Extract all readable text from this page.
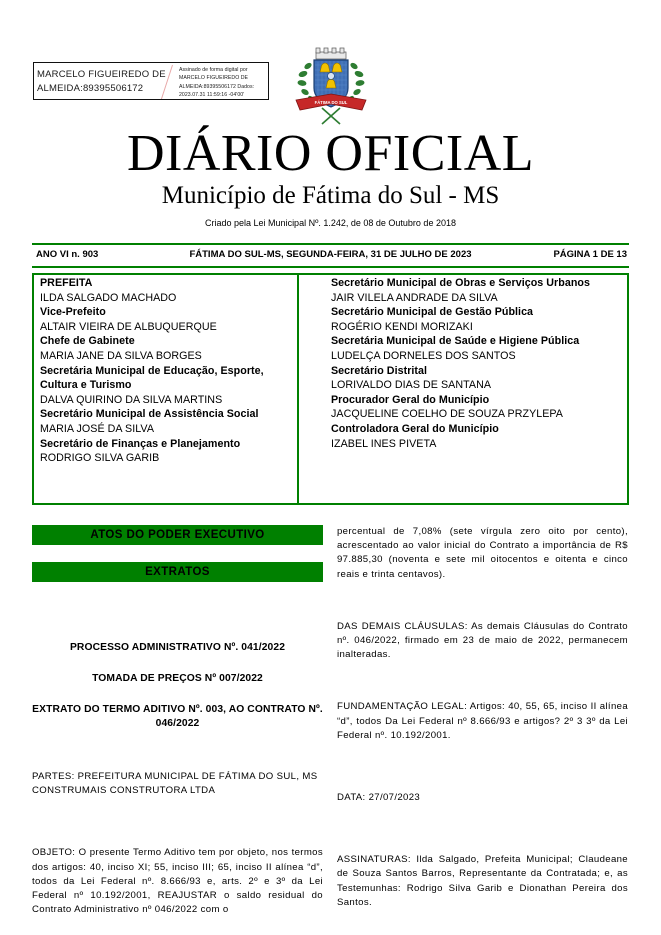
MARCELO FIGUEIREDO DE
ALMEIDA:89395506172
Assinado de forma digital por MARCELO FIGUEIREDO DE ALMEIDA:89395506172 Dados: 2023.07.31 11:59:16 -04'00'
FÁTIMA DO SUL
DIÁRIO OFICIAL
Município de Fátima do Sul - MS
Criado pela Lei Municipal Nº. 1.242, de 08 de Outubro de 2018
FÁTIMA DO SUL-MS, SEGUNDA-FEIRA, 31 DE JULHO DE 2023
ANO VI n. 903	PÁGINA 1 DE 13
PREFEITA
ILDA SALGADO MACHADO
Vice-Prefeito
ALTAIR VIEIRA DE ALBUQUERQUE
Chefe de Gabinete
MARIA JANE DA SILVA BORGES
Secretária Municipal de Educação, Esporte, Cultura e Turismo
DALVA QUIRINO DA SILVA MARTINS
Secretário Municipal de Assistência Social
MARIA JOSÉ DA SILVA
Secretário de Finanças e Planejamento
RODRIGO SILVA GARIB
Secretário Municipal de Obras e Serviços Urbanos
JAIR VILELA ANDRADE DA SILVA
Secretário Municipal de Gestão Pública
ROGÉRIO KENDI MORIZAKI
Secretária Municipal de Saúde e Higiene Pública
LUDELÇA DORNELES DOS SANTOS
Secretário Distrital
LORIVALDO DIAS DE SANTANA
Procurador Geral do Município
JACQUELINE COELHO DE SOUZA PRZYLEPA
Controladora Geral do Município
IZABEL INES PIVETA
ATOS DO PODER EXECUTIVO
EXTRATOS
PROCESSO ADMINISTRATIVO Nº. 041/2022
TOMADA DE PREÇOS Nº 007/2022
EXTRATO DO TERMO ADITIVO Nº. 003, AO CONTRATO Nº. 046/2022
PARTES: PREFEITURA MUNICIPAL DE FÁTIMA DO SUL, MS
CONSTRUMAIS CONSTRUTORA LTDA
OBJETO: O presente Termo Aditivo tem por objeto, nos termos dos artigos: 40, inciso XI; 55, inciso III; 65, inciso II alínea “d”, todos da Lei Federal nº. 8.666/93 e, arts. 2º e 3º da Lei Federal nº 10.192/2001, REAJUSTAR o saldo residual do Contrato Administrativo nº 046/2022 com o
percentual de 7,08% (sete vírgula zero oito por cento), acrescentado ao valor inicial do Contrato a importância de R$ 97.885,30 (noventa e sete mil oitocentos e oitenta e cinco reais e trinta centavos).
DAS DEMAIS CLÁUSULAS: As demais Cláusulas do Contrato nº. 046/2022, firmado em 23 de maio de 2022, permanecem inalteradas.
FUNDAMENTAÇÃO LEGAL: Artigos: 40, 55, 65, inciso II alínea “d”, todos Da Lei Federal nº 8.666/93 e artigos? 2º 3 3º da Lei Federal nº. 10.192/2001.
DATA: 27/07/2023
ASSINATURAS: Ilda Salgado, Prefeita Municipal; Claudeane de Souza Santos Barros, Representante da Contratada; e, as Testemunhas: Rodrigo Silva Garib e Dionathan Pereira dos Santos.
